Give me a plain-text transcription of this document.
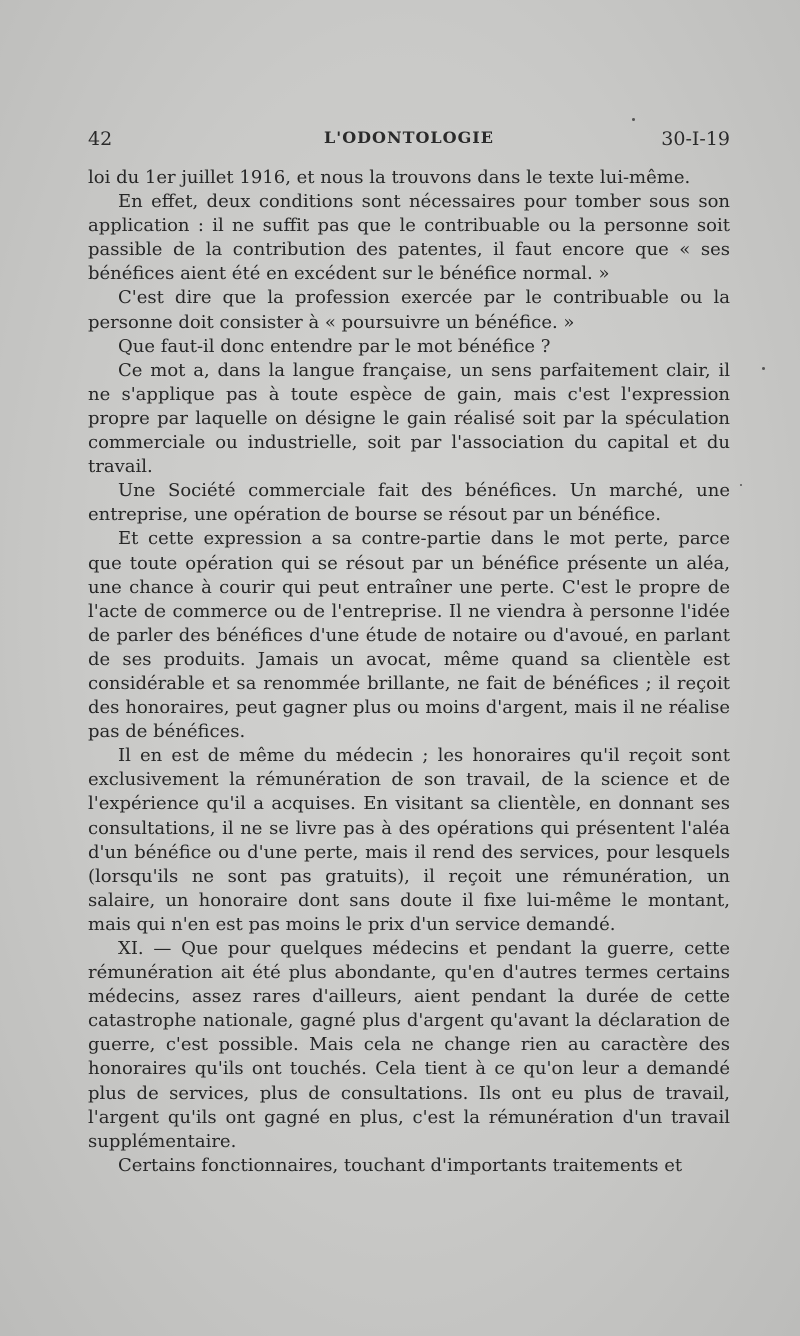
42	L'ODONTOLOGIE	30-I-19

loi du 1er juillet 1916, et nous la trouvons dans le texte lui-même.

En effet, deux conditions sont nécessaires pour tomber sous son application : il ne suffit pas que le contribuable ou la personne soit passible de la contribution des patentes, il faut encore que « ses bénéfices aient été en excédent sur le bénéfice normal. »

C'est dire que la profession exercée par le contribuable ou la personne doit consister à « poursuivre un bénéfice. »

Que faut-il donc entendre par le mot bénéfice ?

Ce mot a, dans la langue française, un sens parfaitement clair, il ne s'applique pas à toute espèce de gain, mais c'est l'expression propre par laquelle on désigne le gain réalisé soit par la spéculation commerciale ou industrielle, soit par l'association du capital et du travail.

Une Société commerciale fait des bénéfices. Un marché, une entreprise, une opération de bourse se résout par un bénéfice.

Et cette expression a sa contre-partie dans le mot perte, parce que toute opération qui se résout par un bénéfice présente un aléa, une chance à courir qui peut entraîner une perte. C'est le propre de l'acte de commerce ou de l'entreprise. Il ne viendra à personne l'idée de parler des bénéfices d'une étude de notaire ou d'avoué, en parlant de ses produits. Jamais un avocat, même quand sa clientèle est considérable et sa renommée brillante, ne fait de bénéfices ; il reçoit des honoraires, peut gagner plus ou moins d'argent, mais il ne réalise pas de bénéfices.

Il en est de même du médecin ; les honoraires qu'il reçoit sont exclusivement la rémunération de son travail, de la science et de l'expérience qu'il a acquises. En visitant sa clientèle, en donnant ses consultations, il ne se livre pas à des opérations qui présentent l'aléa d'un bénéfice ou d'une perte, mais il rend des services, pour lesquels (lorsqu'ils ne sont pas gratuits), il reçoit une rémunération, un salaire, un honoraire dont sans doute il fixe lui-même le montant, mais qui n'en est pas moins le prix d'un service demandé.

XI. — Que pour quelques médecins et pendant la guerre, cette rémunération ait été plus abondante, qu'en d'autres termes certains médecins, assez rares d'ailleurs, aient pendant la durée de cette catastrophe nationale, gagné plus d'argent qu'avant la déclaration de guerre, c'est possible. Mais cela ne change rien au caractère des honoraires qu'ils ont touchés. Cela tient à ce qu'on leur a demandé plus de services, plus de consultations. Ils ont eu plus de travail, l'argent qu'ils ont gagné en plus, c'est la rémunération d'un travail supplémentaire.

Certains fonctionnaires, touchant d'importants traitements et
